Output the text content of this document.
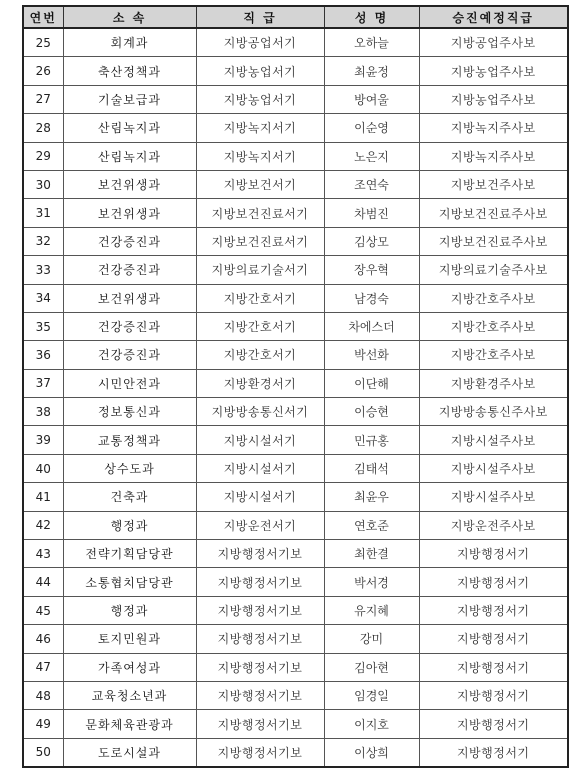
연번	소 속	직 급	성 명	승진예정직급
25	회계과	지방공업서기	오하늘	지방공업주사보
26	축산정책과	지방농업서기	최윤정	지방농업주사보
27	기술보급과	지방농업서기	방여울	지방농업주사보
28	산림녹지과	지방녹지서기	이순영	지방녹지주사보
29	산림녹지과	지방녹지서기	노은지	지방녹지주사보
30	보건위생과	지방보건서기	조연숙	지방보건주사보
31	보건위생과	지방보건진료서기	차범진	지방보건진료주사보
32	건강증진과	지방보건진료서기	김상모	지방보건진료주사보
33	건강증진과	지방의료기술서기	장우혁	지방의료기술주사보
34	보건위생과	지방간호서기	남경숙	지방간호주사보
35	건강증진과	지방간호서기	차에스더	지방간호주사보
36	건강증진과	지방간호서기	박선화	지방간호주사보
37	시민안전과	지방환경서기	이단해	지방환경주사보
38	정보통신과	지방방송통신서기	이승현	지방방송통신주사보
39	교통정책과	지방시설서기	민규홍	지방시설주사보
40	상수도과	지방시설서기	김태석	지방시설주사보
41	건축과	지방시설서기	최윤우	지방시설주사보
42	행정과	지방운전서기	연호준	지방운전주사보
43	전략기획담당관	지방행정서기보	최한결	지방행정서기
44	소통협치담당관	지방행정서기보	박서경	지방행정서기
45	행정과	지방행정서기보	유지혜	지방행정서기
46	토지민원과	지방행정서기보	강미	지방행정서기
47	가족여성과	지방행정서기보	김아현	지방행정서기
48	교육청소년과	지방행정서기보	임경일	지방행정서기
49	문화체육관광과	지방행정서기보	이지호	지방행정서기
50	도로시설과	지방행정서기보	이상희	지방행정서기
